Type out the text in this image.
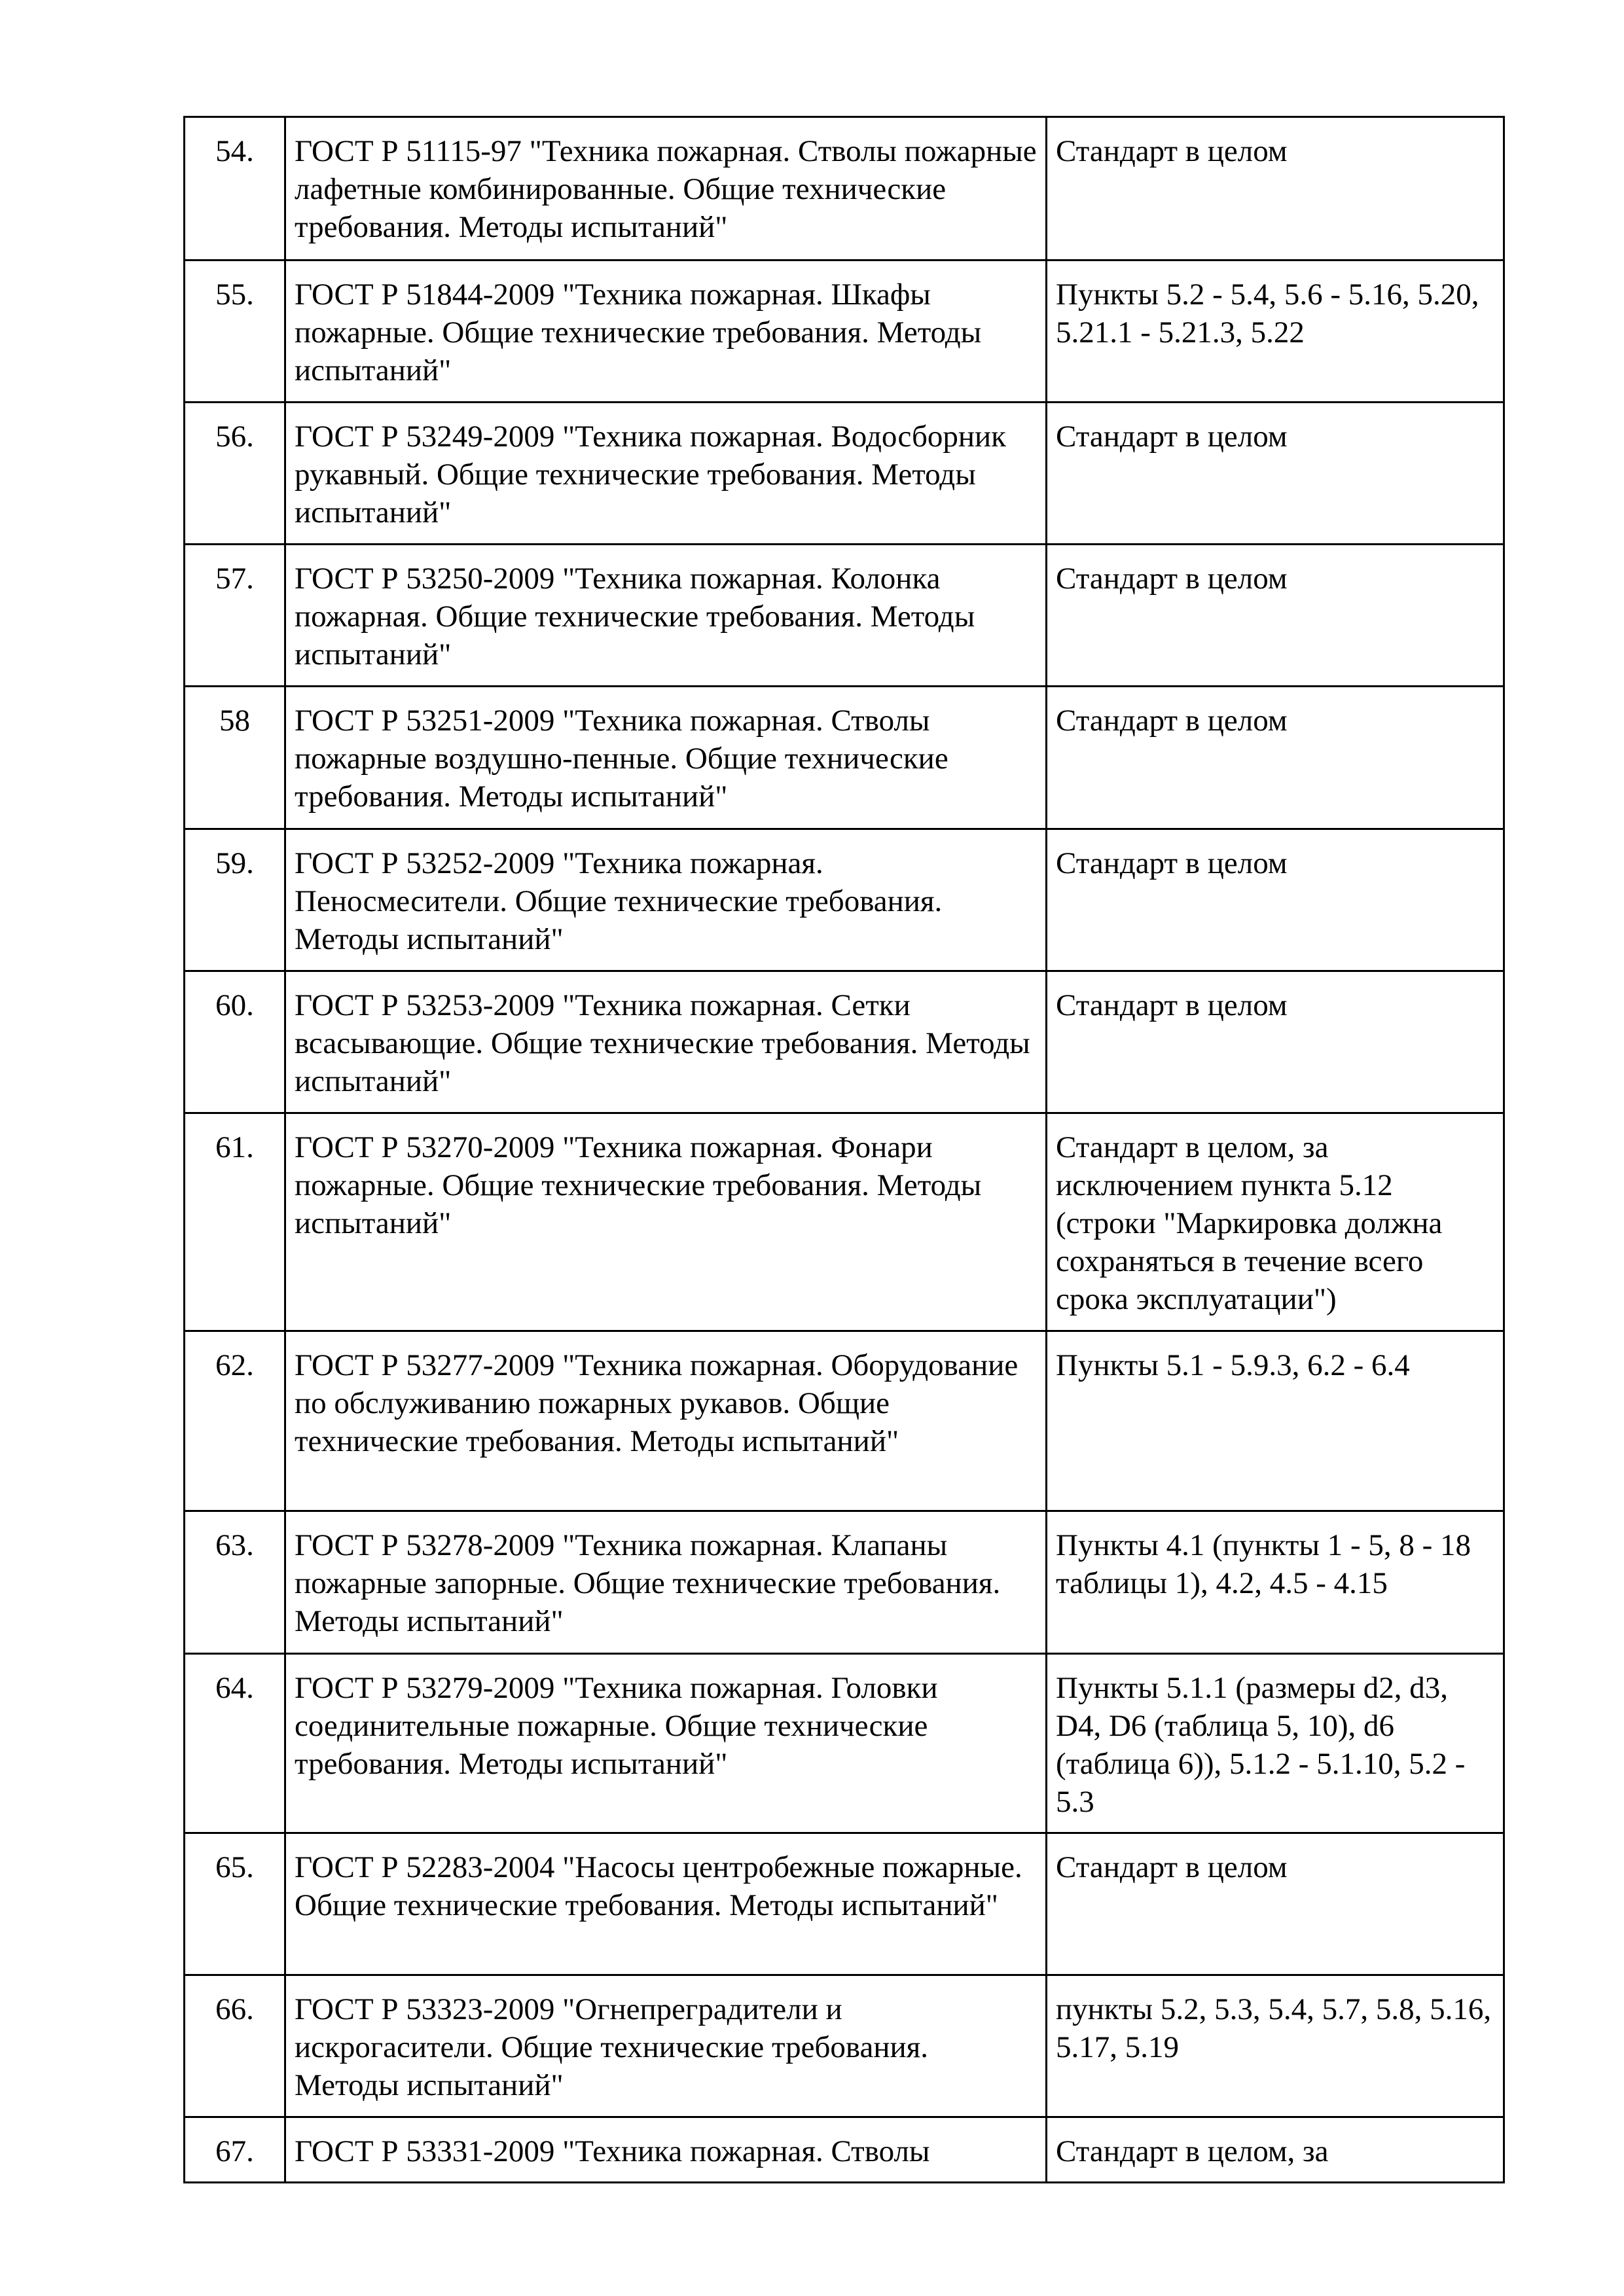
54.	ГОСТ Р 51115-97 "Техника пожарная. Стволы пожарные лафетные комбинированные. Общие технические требования. Методы испытаний"	Стандарт в целом
55.	ГОСТ Р 51844-2009 "Техника пожарная. Шкафы пожарные. Общие технические требования. Методы испытаний"	Пункты 5.2 - 5.4, 5.6 - 5.16, 5.20, 5.21.1 - 5.21.3, 5.22
56.	ГОСТ Р 53249-2009 "Техника пожарная. Водосборник рукавный. Общие технические требования. Методы испытаний"	Стандарт в целом
57.	ГОСТ Р 53250-2009 "Техника пожарная. Колонка пожарная. Общие технические требования. Методы испытаний"	Стандарт в целом
58	ГОСТ Р 53251-2009 "Техника пожарная. Стволы пожарные воздушно-пенные. Общие технические требования. Методы испытаний"	Стандарт в целом
59.	ГОСТ Р 53252-2009 "Техника пожарная. Пеносмесители. Общие технические требования. Методы испытаний"	Стандарт в целом
60.	ГОСТ Р 53253-2009 "Техника пожарная. Сетки всасывающие. Общие технические требования. Методы испытаний"	Стандарт в целом
61.	ГОСТ Р 53270-2009 "Техника пожарная. Фонари пожарные. Общие технические требования. Методы испытаний"	Стандарт в целом, за исключением пункта 5.12 (строки "Маркировка должна сохраняться в течение всего срока эксплуатации")
62.	ГОСТ Р 53277-2009 "Техника пожарная. Оборудование по обслуживанию пожарных рукавов. Общие технические требования. Методы испытаний"	Пункты 5.1 - 5.9.3, 6.2 - 6.4
63.	ГОСТ Р 53278-2009 "Техника пожарная. Клапаны пожарные запорные. Общие технические требования. Методы испытаний"	Пункты 4.1 (пункты 1 - 5, 8 - 18 таблицы 1), 4.2, 4.5 - 4.15
64.	ГОСТ Р 53279-2009 "Техника пожарная. Головки соединительные пожарные. Общие технические требования. Методы испытаний"	Пункты 5.1.1 (размеры d2, d3, D4, D6 (таблица 5, 10), d6 (таблица 6)), 5.1.2 - 5.1.10, 5.2 - 5.3
65.	ГОСТ Р 52283-2004 "Насосы центробежные пожарные. Общие технические требования. Методы испытаний"	Стандарт в целом
66.	ГОСТ Р 53323-2009 "Огнепреградители и искрогасители. Общие технические требования. Методы испытаний"	пункты 5.2, 5.3, 5.4, 5.7, 5.8, 5.16, 5.17, 5.19
67.	ГОСТ Р 53331-2009 "Техника пожарная. Стволы	Стандарт в целом, за
